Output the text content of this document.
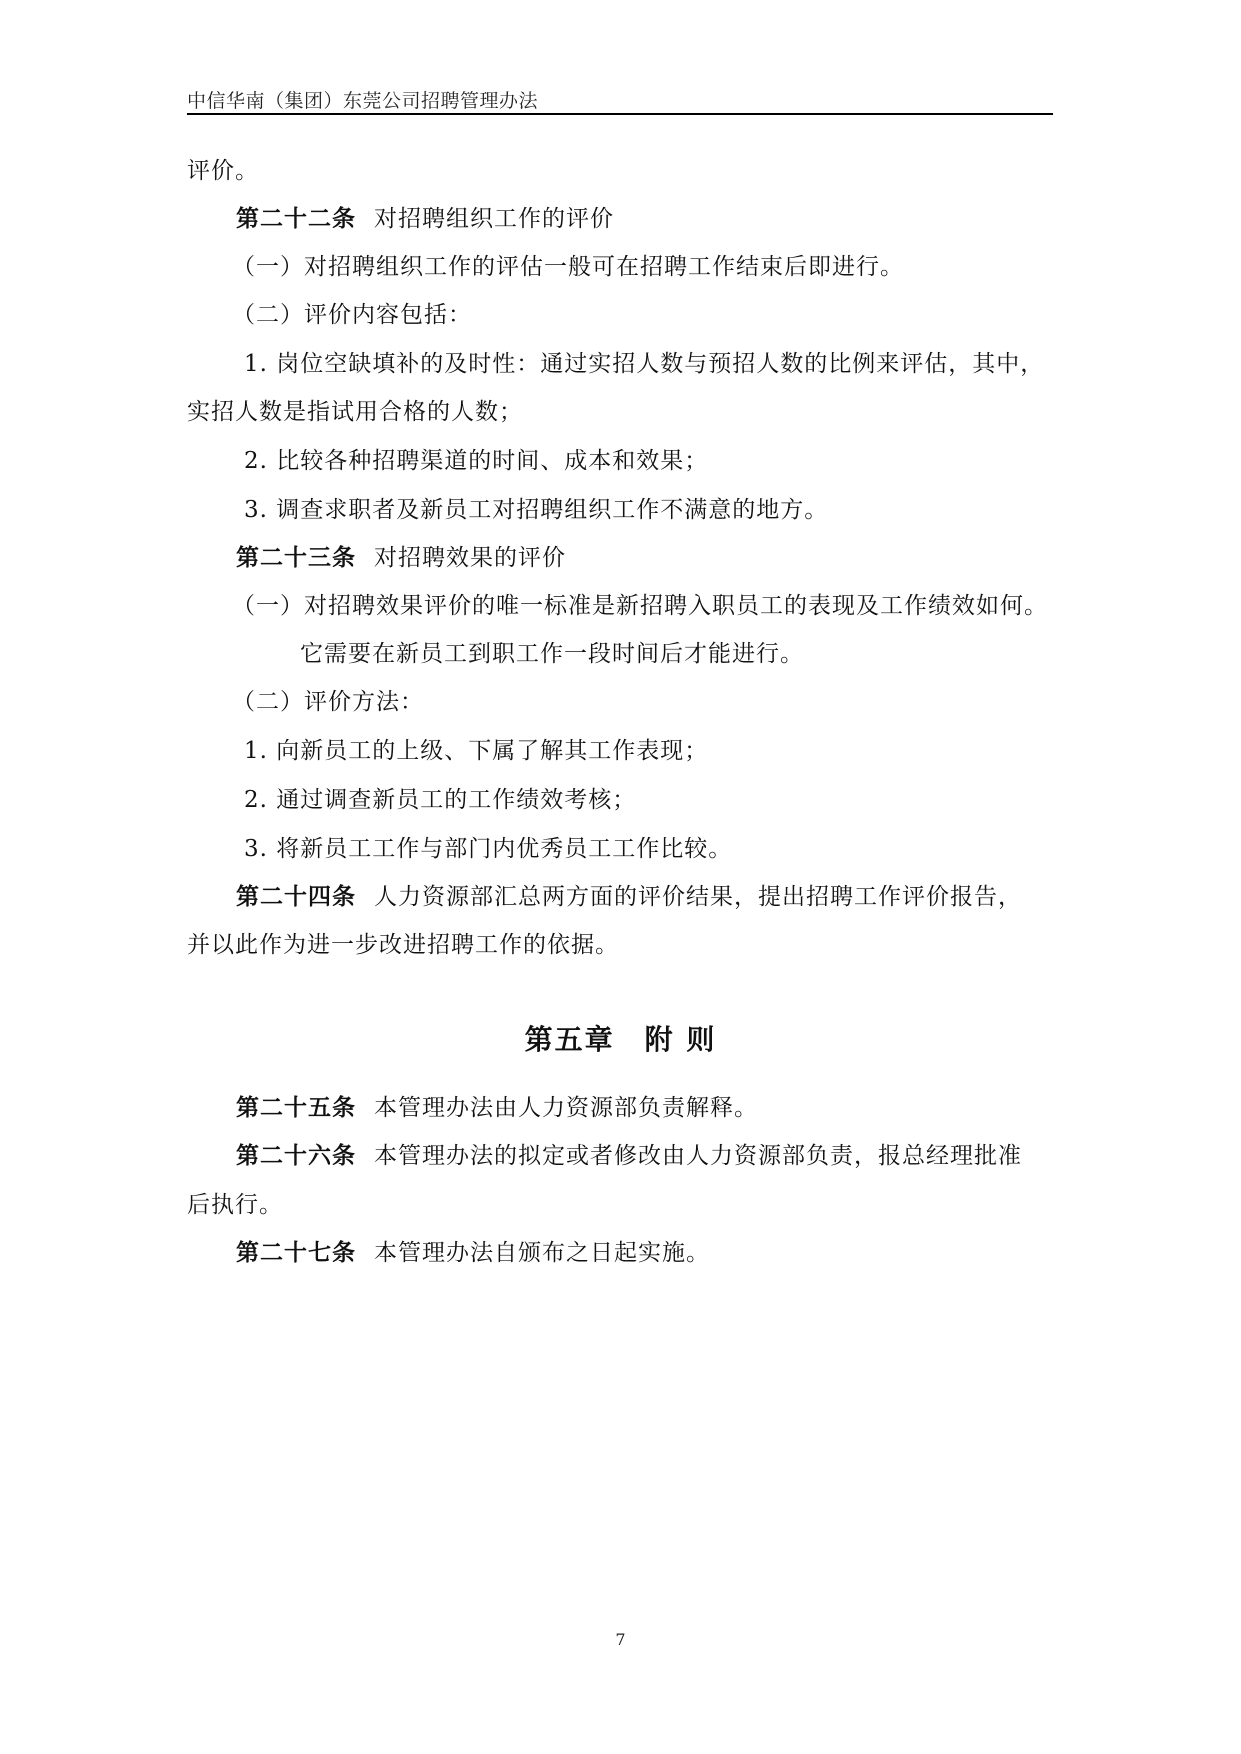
中信华南（集团）东莞公司招聘管理办法
评价。
第二十二条 对招聘组织工作的评价
（一）对招聘组织工作的评估一般可在招聘工作结束后即进行。
（二）评价内容包括：
1. 岗位空缺填补的及时性：通过实招人数与预招人数的比例来评估，其中，
实招人数是指试用合格的人数；
2. 比较各种招聘渠道的时间、成本和效果；
3. 调查求职者及新员工对招聘组织工作不满意的地方。
第二十三条 对招聘效果的评价
（一）对招聘效果评价的唯一标准是新招聘入职员工的表现及工作绩效如何。
它需要在新员工到职工作一段时间后才能进行。
（二）评价方法：
1. 向新员工的上级、下属了解其工作表现；
2. 通过调查新员工的工作绩效考核；
3. 将新员工工作与部门内优秀员工工作比较。
第二十四条 人力资源部汇总两方面的评价结果，提出招聘工作评价报告，
并以此作为进一步改进招聘工作的依据。
第五章 附 则
第二十五条 本管理办法由人力资源部负责解释。
第二十六条 本管理办法的拟定或者修改由人力资源部负责，报总经理批准
后执行。
第二十七条 本管理办法自颁布之日起实施。
7
